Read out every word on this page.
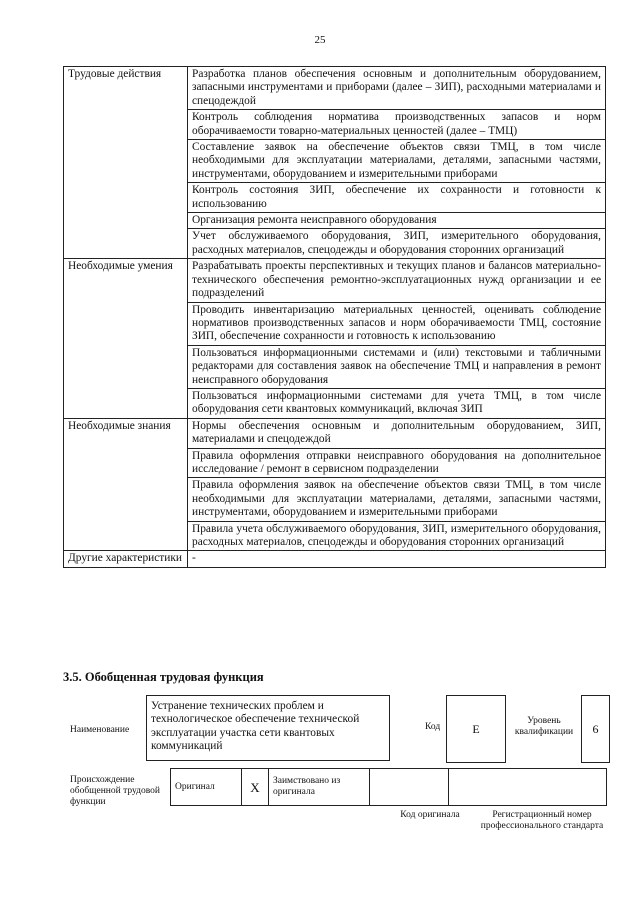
25
Трудовые действия	Разработка планов обеспечения основным и дополнительным оборудованием, запасными инструментами и приборами (далее – ЗИП), расходными материалами и спецодеждой
	Контроль соблюдения норматива производственных запасов и норм оборачиваемости товарно-материальных ценностей (далее – ТМЦ)
	Составление заявок на обеспечение объектов связи ТМЦ, в том числе необходимыми для эксплуатации материалами, деталями, запасными частями, инструментами, оборудованием и измерительными приборами
	Контроль состояния ЗИП, обеспечение их сохранности и готовности к использованию
	Организация ремонта неисправного оборудования
	Учет обслуживаемого оборудования, ЗИП, измерительного оборудования, расходных материалов, спецодежды и оборудования сторонних организаций
Необходимые умения	Разрабатывать проекты перспективных и текущих планов и балансов материально-технического обеспечения ремонтно-эксплуатационных нужд организации и ее подразделений
	Проводить инвентаризацию материальных ценностей, оценивать соблюдение нормативов производственных запасов и норм оборачиваемости ТМЦ, состояние ЗИП, обеспечение сохранности и готовность к использованию
	Пользоваться информационными системами и (или) текстовыми и табличными редакторами для составления заявок на обеспечение ТМЦ и направления в ремонт неисправного оборудования
	Пользоваться информационными системами для учета ТМЦ, в том числе оборудования сети квантовых коммуникаций, включая ЗИП
Необходимые знания	Нормы обеспечения основным и дополнительным оборудованием, ЗИП, материалами и спецодеждой
	Правила оформления отправки неисправного оборудования на дополнительное исследование / ремонт в сервисном подразделении
	Правила оформления заявок на обеспечение объектов связи ТМЦ, в том числе необходимыми для эксплуатации материалами, деталями, запасными частями, инструментами, оборудованием и измерительными приборами
	Правила учета обслуживаемого оборудования, ЗИП, измерительного оборудования, расходных материалов, спецодежды и оборудования сторонних организаций
Другие характеристики	-
3.5. Обобщенная трудовая функция
Наименование
Устранение технических проблем и технологическое обеспечение технической эксплуатации участка сети квантовых коммуникаций
Код	E
Уровень квалификации	6
Происхождение обобщенной трудовой функции
Оригинал	X	Заимствовано из оригинала		
Код оригинала	Регистрационный номер профессионального стандарта
